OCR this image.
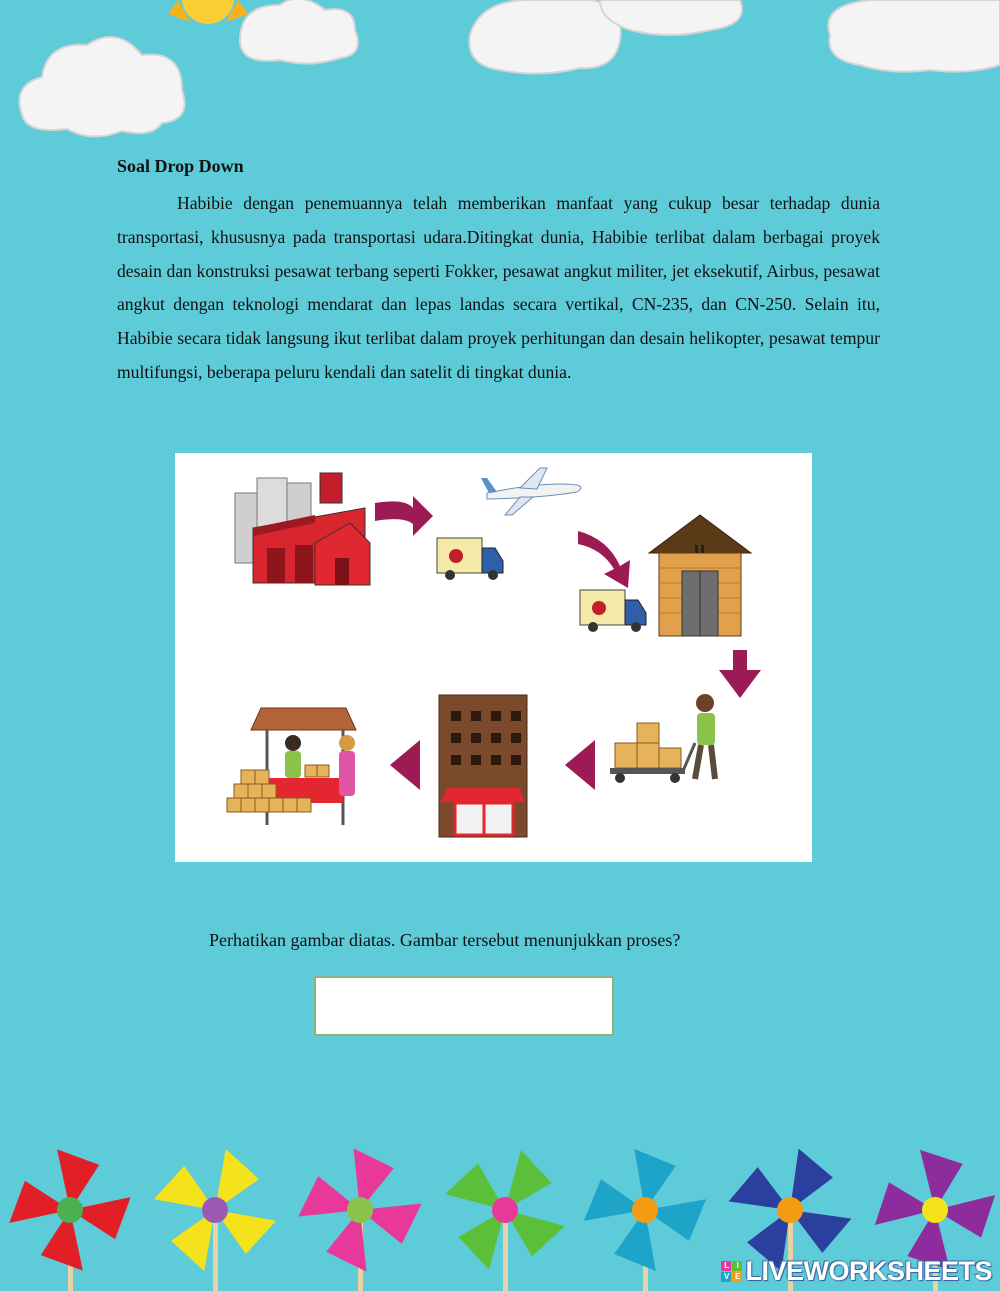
Soal Drop Down

Habibie dengan penemuannya telah memberikan manfaat yang cukup besar terhadap dunia transportasi, khususnya pada transportasi udara.Ditingkat dunia, Habibie terlibat dalam berbagai proyek desain dan konstruksi pesawat terbang seperti Fokker, pesawat angkut militer, jet eksekutif, Airbus, pesawat angkut dengan teknologi mendarat dan lepas landas secara vertikal, CN-235, dan CN-250. Selain itu, Habibie secara tidak langsung ikut terlibat dalam proyek perhitungan dan desain helikopter, pesawat tempur multifungsi, beberapa peluru kendali dan satelit di tingkat dunia.

Perhatikan gambar diatas. Gambar tersebut menunjukkan proses?

L I
V E LIVEWORKSHEETS
